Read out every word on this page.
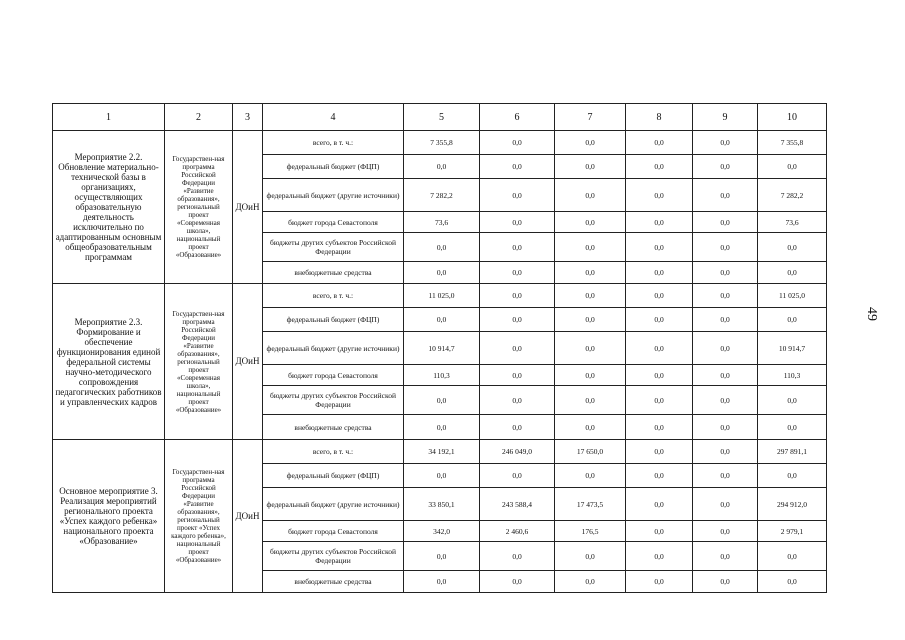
1	2	3	4	5	6	7	8	9	10
Мероприятие 2.2. Обновление материально-технической базы в организациях, осуществляющих образовательную деятельность исключительно по адаптированным основным общеобразовательным программам	Государствен-ная программа Российской Федерации «Развитие образования», региональный проект «Современная школа», национальный проект «Образование»	ДОиН	всего, в т. ч.:	7 355,8	0,0	0,0	0,0	0,0	7 355,8
			федеральный бюджет (ФЦП)	0,0	0,0	0,0	0,0	0,0	0,0
			федеральный бюджет (другие источники)	7 282,2	0,0	0,0	0,0	0,0	7 282,2
			бюджет города Севастополя	73,6	0,0	0,0	0,0	0,0	73,6
			бюджеты других субъектов Российской Федерации	0,0	0,0	0,0	0,0	0,0	0,0
			внебюджетные средства	0,0	0,0	0,0	0,0	0,0	0,0
Мероприятие 2.3. Формирование и обеспечение функционирования единой федеральной системы научно-методического сопровождения педагогических работников и управленческих кадров	Государствен-ная программа Российской Федерации «Развитие образования», региональный проект «Современная школа», национальный проект «Образование»	ДОиН	всего, в т. ч.:	11 025,0	0,0	0,0	0,0	0,0	11 025,0
			федеральный бюджет (ФЦП)	0,0	0,0	0,0	0,0	0,0	0,0
			федеральный бюджет (другие источники)	10 914,7	0,0	0,0	0,0	0,0	10 914,7
			бюджет города Севастополя	110,3	0,0	0,0	0,0	0,0	110,3
			бюджеты других субъектов Российской Федерации	0,0	0,0	0,0	0,0	0,0	0,0
			внебюджетные средства	0,0	0,0	0,0	0,0	0,0	0,0
Основное мероприятие 3. Реализация мероприятий регионального проекта «Успех каждого ребенка» национального проекта «Образование»	Государствен-ная программа Российской Федерации «Развитие образования», региональный проект «Успех каждого ребенка», национальный проект «Образование»	ДОиН	всего, в т. ч.:	34 192,1	246 049,0	17 650,0	0,0	0,0	297 891,1
			федеральный бюджет (ФЦП)	0,0	0,0	0,0	0,0	0,0	0,0
			федеральный бюджет (другие источники)	33 850,1	243 588,4	17 473,5	0,0	0,0	294 912,0
			бюджет города Севастополя	342,0	2 460,6	176,5	0,0	0,0	2 979,1
			бюджеты других субъектов Российской Федерации	0,0	0,0	0,0	0,0	0,0	0,0
			внебюджетные средства	0,0	0,0	0,0	0,0	0,0	0,0
49
